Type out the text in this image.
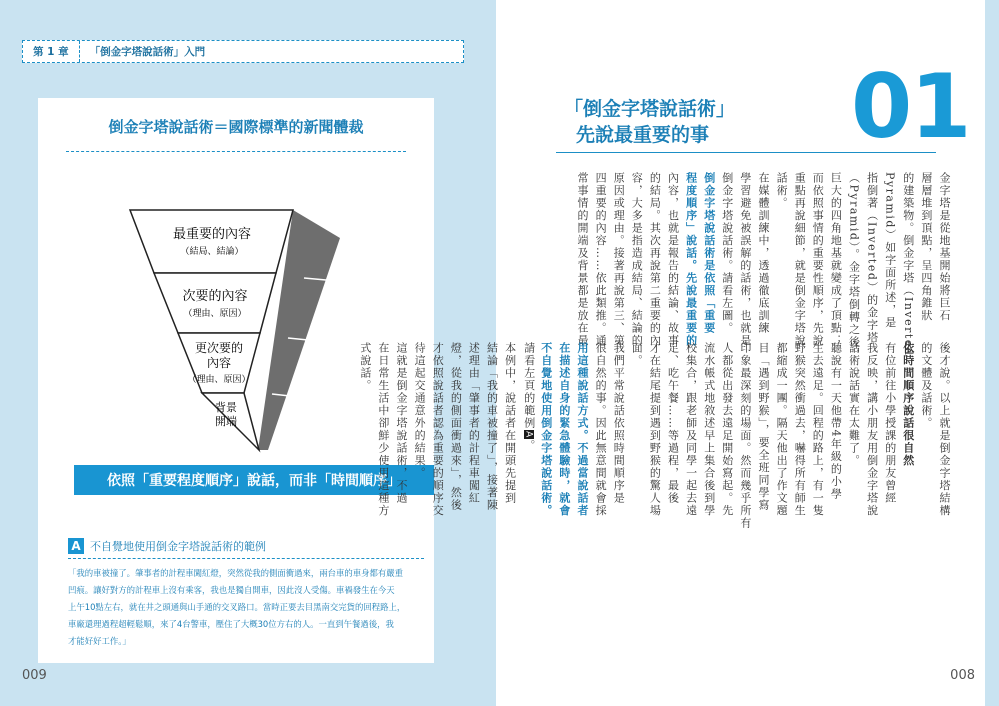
第 1 章	「倒金字塔說話術」入門
倒金字塔說話術＝國際標準的新聞體裁
最重要的內容
（結局、結論）
次要的內容
（理由、原因）
更次要的
內容
（理由、原因）
背景
開端
依照「重要程度順序」說話，而非「時間順序」
A 不自覺地使用倒金字塔說話術的範例
「我的車被撞了。肇事者的計程車闖紅燈，突然從我的側面衝過來，兩台車的車身都有嚴重
凹痕。讓好對方的計程車上沒有乘客，我也是獨自開車，因此沒人受傷。車禍發生在今天
上午10點左右，就在井之頭通與山手通的交叉路口。當時正要去目黑南交完貨的回程路上，
車廠還理過程超輕鬆順，來了4台警車，壓住了大概30位方右的人。一直到午餐過後，我
才能好好工作。」
009
01
「倒金字塔說話術」
先說最重要的事
金字塔是從地基開始將巨石
層層堆到頂點，呈四角錐狀
的建築物。倒金字塔（Inverted
Pyramid）如字面所述，是
指倒著（Inverted）的金字塔
（Pyramid）。金字塔倒轉之後，
巨大的四角地基就變成了頂點；
而依照事情的重要性順序，先說
重點再說細節，就是倒金字塔說
話術。
在媒體訓練中，透過徹底訓練
學習避免被誤解的話術，也就是
倒金字塔說話術。請看左圖。
倒金字塔說話術是依照「重要
程度順序」說話。先說最重要的
內容，也就是報告的結論、故事
的結局。其次再說第二重要的內
容，大多是指造成結局、結論的
原因或理由。接著再說第三、第
四重要的內容……依此類推。通
常事情的開端及背景都是放在最
後才說。以上就是倒金字塔結構
的文體及話術。
依時間順序說話很自然
有位前往小學授課的朋友曾經
我反映，講小朋友用倒金字塔說
話術說話實在太難了。
聽說有一天他帶4年級的小學
生去遠足。回程的路上，有一隻
野猴突然衝過去，嚇得所有師生
都縮成一團。隔天他出了作文題
目「遇到野猴」，要全班同學寫
印象最深刻的場面。然而幾乎所有
人都從出發去遠足開始寫起。先
流水帳式地敘述早上集合後到學
校集合，跟老師及同學一起去遠
足、吃午餐……等過程，最後
才在結尾提到遇到野猴的驚人場
面。
我們平常說話依照時間順序是
很自然的事。因此無意間就會採
用這種說話方式。不過當說話者
在描述自身的緊急體驗時，就會
不自覺地使用倒金字塔說話術。
請看左頁的範例A。
本例中，說話者在開頭先提到
結論「我的車被撞了」，接著陳
述理由「肇事者的計程車闖紅
燈，從我的側面衝過來」，然後
才依照說話者認為重要的順序交
待這起交通意外的結果。
這就是倒金字塔說話術，不過
在日常生活中卻鮮少使用這種方
式說話。
008
